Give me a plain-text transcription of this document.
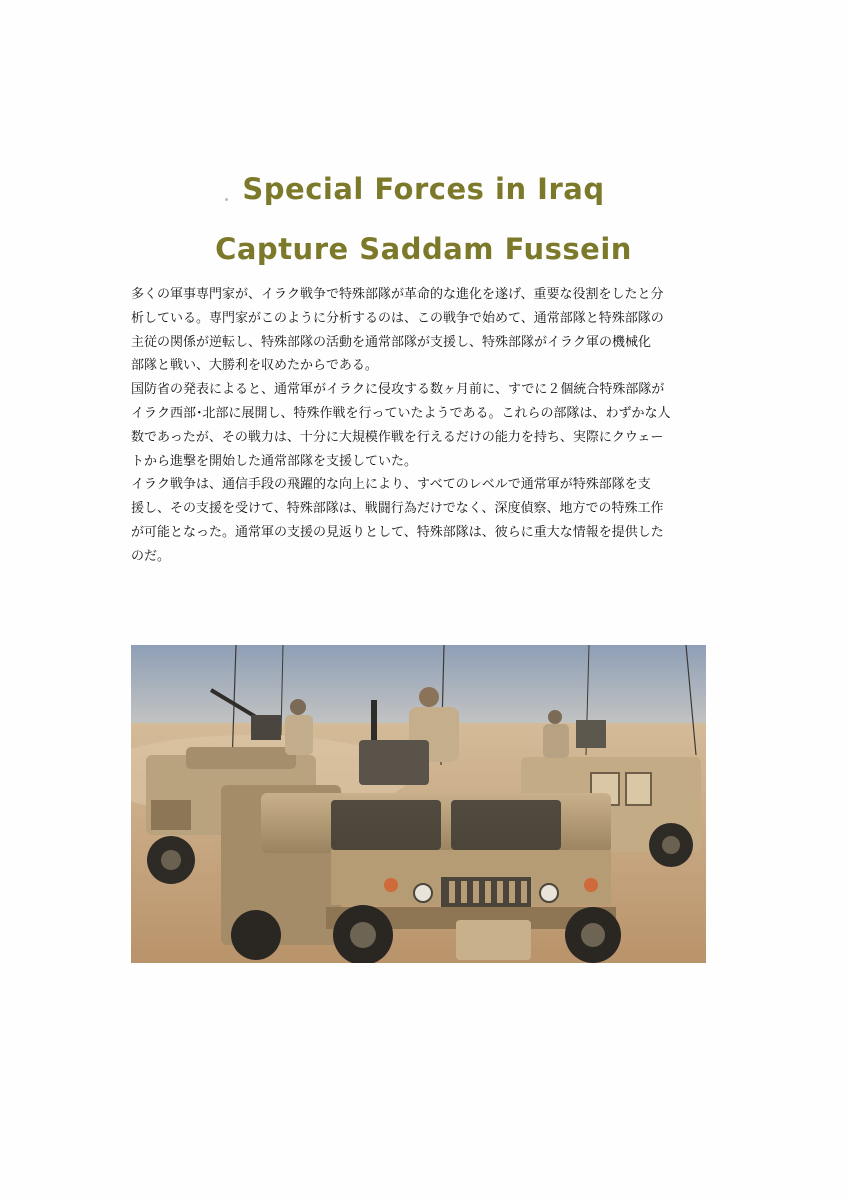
Special Forces in Iraq
Capture Saddam Fussein
多くの軍事専門家が、イラク戦争で特殊部隊が革命的な進化を遂げ、重要な役割をしたと分
析している。専門家がこのように分析するのは、この戦争で始めて、通常部隊と特殊部隊の
主従の関係が逆転し、特殊部隊の活動を通常部隊が支援し、特殊部隊がイラク軍の機械化
部隊と戦い、大勝利を収めたからである。
国防省の発表によると、通常軍がイラクに侵攻する数ヶ月前に、すでに２個統合特殊部隊が
イラク西部･北部に展開し、特殊作戦を行っていたようである。これらの部隊は、わずかな人
数であったが、その戦力は、十分に大規模作戦を行えるだけの能力を持ち、実際にクウェー
トから進撃を開始した通常部隊を支援していた。
イラク戦争は、通信手段の飛躍的な向上により、すべてのレベルで通常軍が特殊部隊を支
援し、その支援を受けて、特殊部隊は、戦闘行為だけでなく、深度偵察、地方での特殊工作
が可能となった。通常軍の支援の見返りとして、特殊部隊は、彼らに重大な情報を提供した
のだ。
